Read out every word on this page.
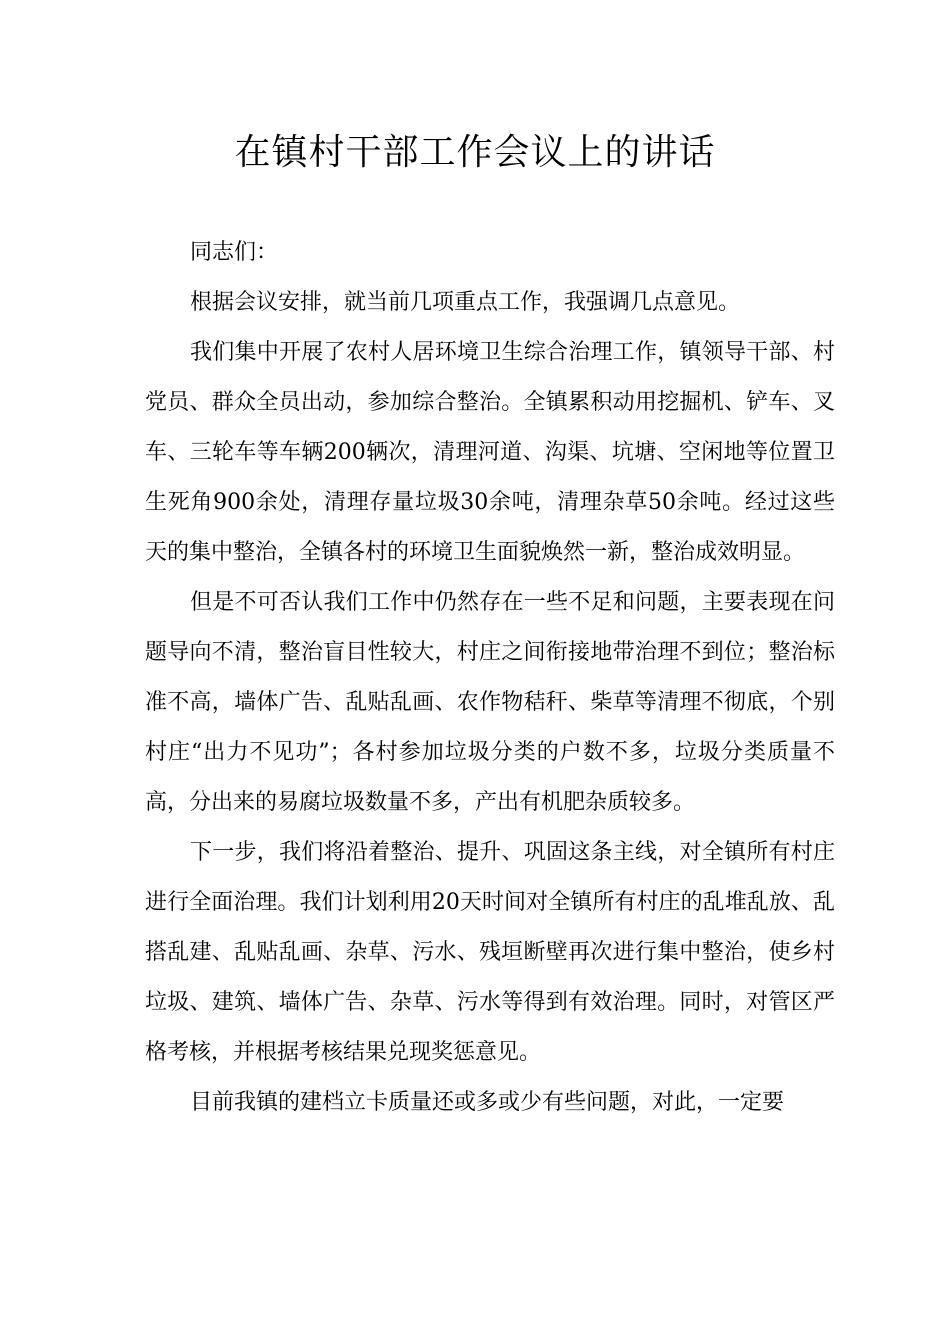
在镇村干部工作会议上的讲话

同志们：

根据会议安排，就当前几项重点工作，我强调几点意见。

我们集中开展了农村人居环境卫生综合治理工作，镇领导干部、村党员、群众全员出动，参加综合整治。全镇累积动用挖掘机、铲车、叉车、三轮车等车辆200辆次，清理河道、沟渠、坑塘、空闲地等位置卫生死角900余处，清理存量垃圾30余吨，清理杂草50余吨。经过这些天的集中整治，全镇各村的环境卫生面貌焕然一新，整治成效明显。

但是不可否认我们工作中仍然存在一些不足和问题，主要表现在问题导向不清，整治盲目性较大，村庄之间衔接地带治理不到位；整治标准不高，墙体广告、乱贴乱画、农作物秸秆、柴草等清理不彻底，个别村庄“出力不见功”；各村参加垃圾分类的户数不多，垃圾分类质量不高，分出来的易腐垃圾数量不多，产出有机肥杂质较多。

下一步，我们将沿着整治、提升、巩固这条主线，对全镇所有村庄进行全面治理。我们计划利用20天时间对全镇所有村庄的乱堆乱放、乱搭乱建、乱贴乱画、杂草、污水、残垣断壁再次进行集中整治，使乡村垃圾、建筑、墙体广告、杂草、污水等得到有效治理。同时，对管区严格考核，并根据考核结果兑现奖惩意见。

目前我镇的建档立卡质量还或多或少有些问题，对此，一定要
